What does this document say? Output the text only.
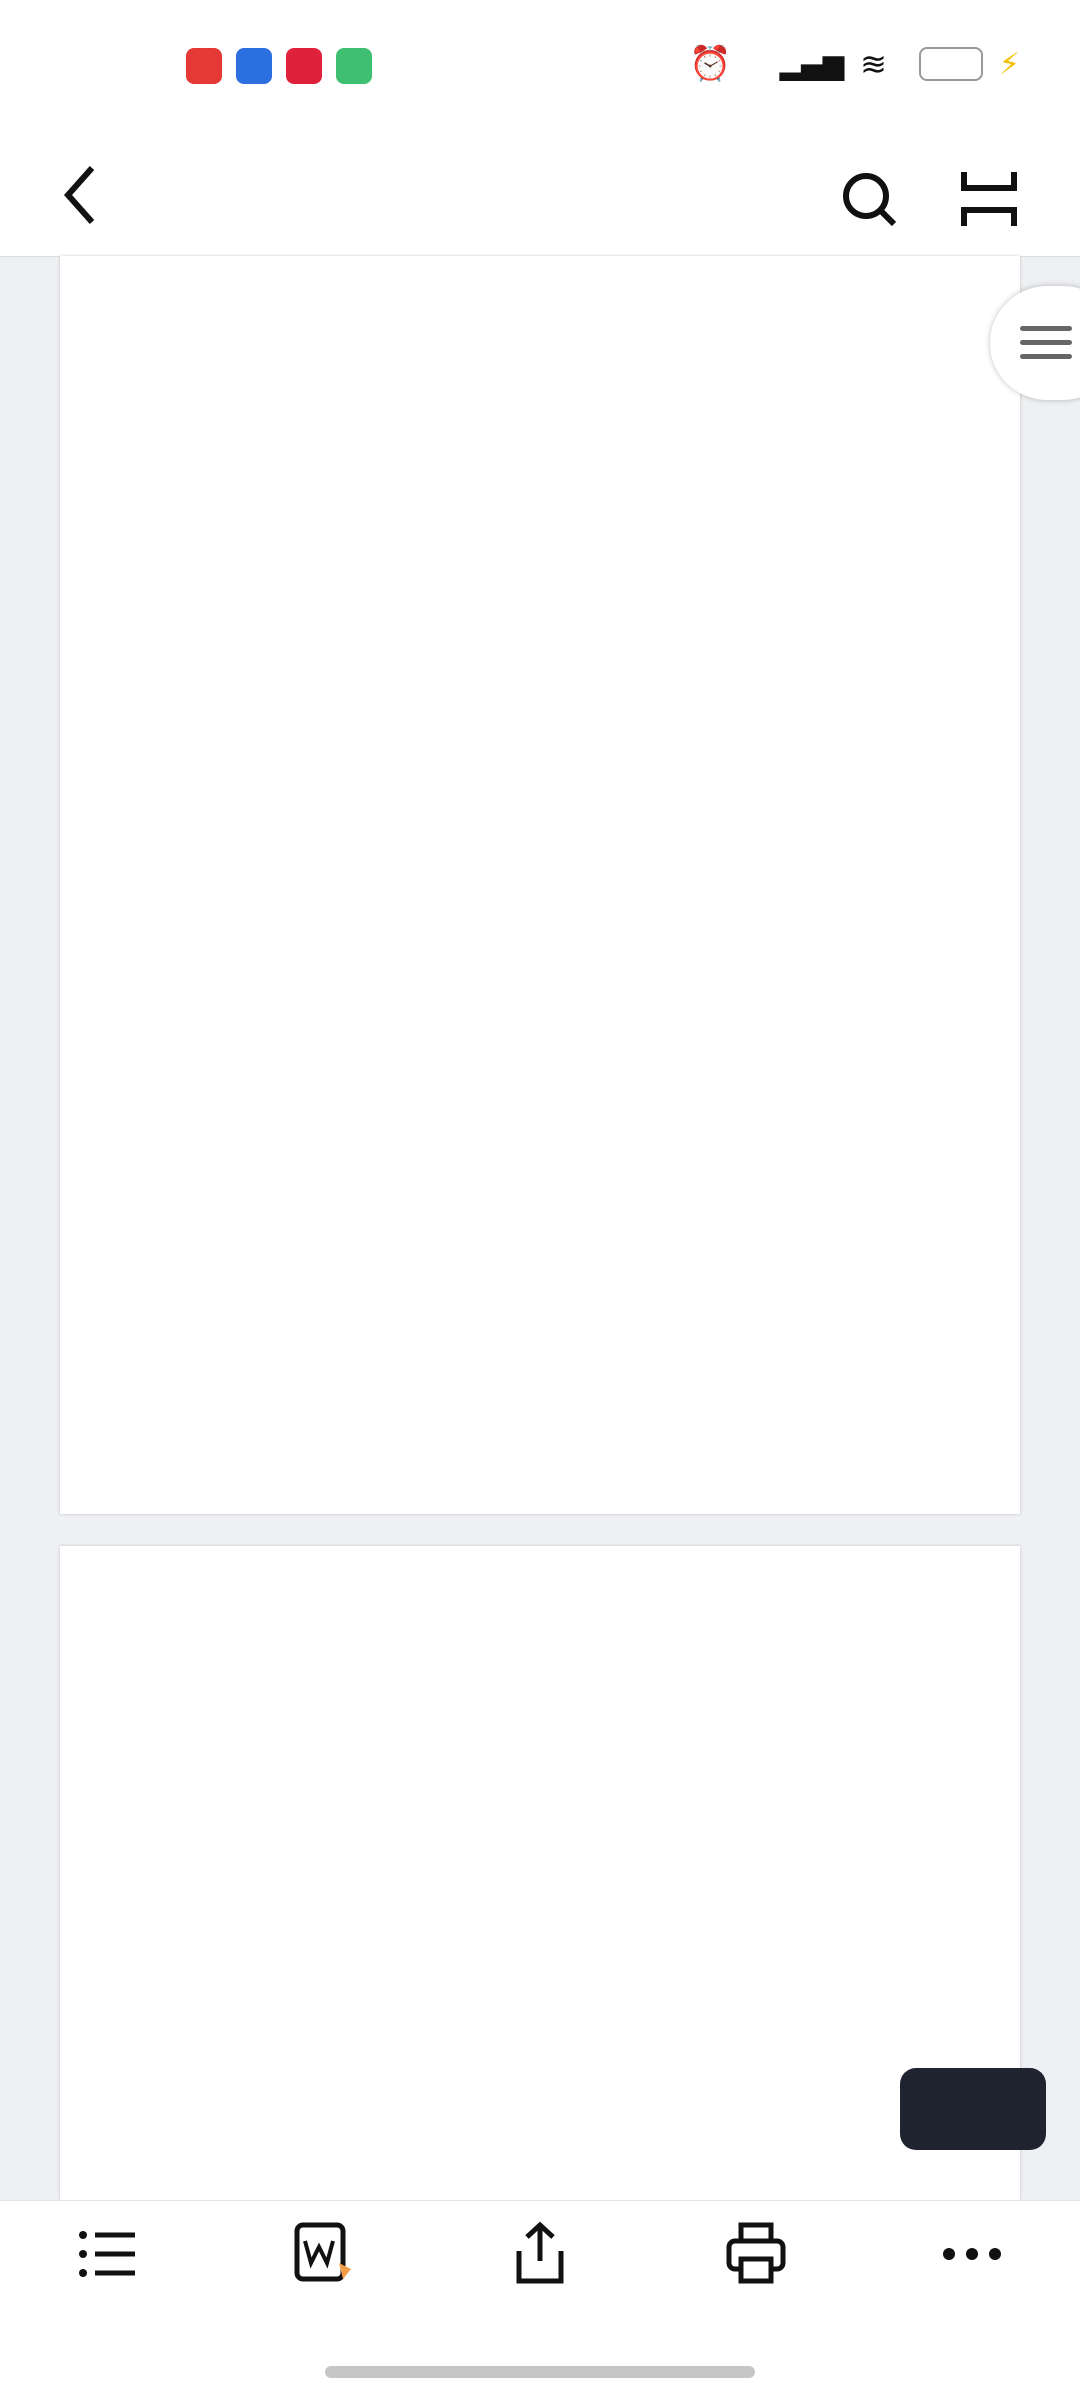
⏰ ▂▄▆ ≋	⚡
